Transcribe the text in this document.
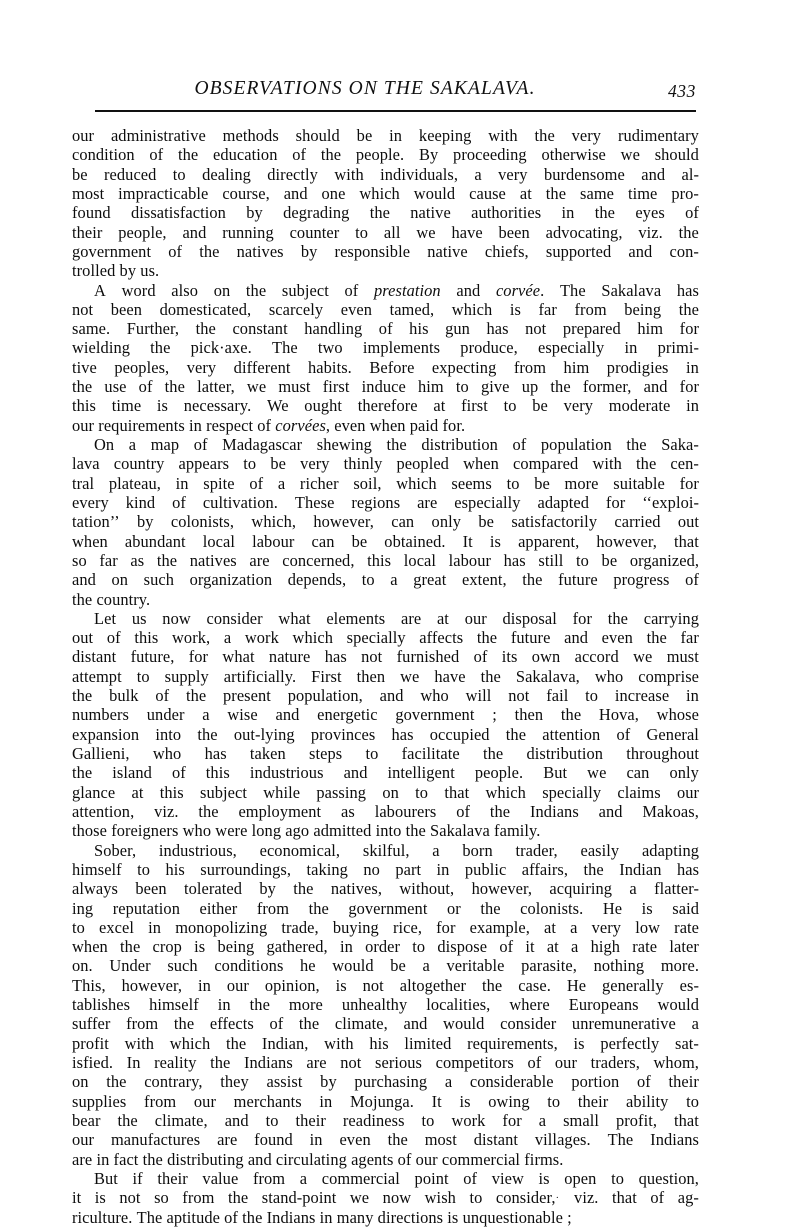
OBSERVATIONS ON THE SAKALAVA.	433

our administrative methods should be in keeping with the very rudimentary
condition of the education of the people. By proceeding otherwise we should
be reduced to dealing directly with individuals, a very burdensome and al-
most impracticable course, and one which would cause at the same time pro-
found dissatisfaction by degrading the native authorities in the eyes of
their people, and running counter to all we have been advocating, viz. the
government of the natives by responsible native chiefs, supported and con-
trolled by us.

A word also on the subject of prestation and corvée. The Sakalava has
not been domesticated, scarcely even tamed, which is far from being the
same. Further, the constant handling of his gun has not prepared him for
wielding the pick·axe. The two implements produce, especially in primi-
tive peoples, very different habits. Before expecting from him prodigies in
the use of the latter, we must first induce him to give up the former, and for
this time is necessary. We ought therefore at first to be very moderate in
our requirements in respect of corvées, even when paid for.

On a map of Madagascar shewing the distribution of population the Saka-
lava country appears to be very thinly peopled when compared with the cen-
tral plateau, in spite of a richer soil, which seems to be more suitable for
every kind of cultivation. These regions are especially adapted for ‘‘exploi-
tation’’ by colonists, which, however, can only be satisfactorily carried out
when abundant local labour can be obtained. It is apparent, however, that
so far as the natives are concerned, this local labour has still to be organized,
and on such organization depends, to a great extent, the future progress of
the country.

Let us now consider what elements are at our disposal for the carrying
out of this work, a work which specially affects the future and even the far
distant future, for what nature has not furnished of its own accord we must
attempt to supply artificially. First then we have the Sakalava, who comprise
the bulk of the present population, and who will not fail to increase in
numbers under a wise and energetic government ; then the Hova, whose
expansion into the out-lying provinces has occupied the attention of General
Gallieni, who has taken steps to facilitate the distribution throughout
the island of this industrious and intelligent people. But we can only
glance at this subject while passing on to that which specially claims our
attention, viz. the employment as labourers of the Indians and Makoas,
those foreigners who were long ago admitted into the Sakalava family.

Sober, industrious, economical, skilful, a born trader, easily adapting
himself to his surroundings, taking no part in public affairs, the Indian has
always been tolerated by the natives, without, however, acquiring a flatter-
ing reputation either from the government or the colonists. He is said
to excel in monopolizing trade, buying rice, for example, at a very low rate
when the crop is being gathered, in order to dispose of it at a high rate later
on. Under such conditions he would be a veritable parasite, nothing more.
This, however, in our opinion, is not altogether the case. He generally es-
tablishes himself in the more unhealthy localities, where Europeans would
suffer from the effects of the climate, and would consider unremunerative a
profit with which the Indian, with his limited requirements, is perfectly sat-
isfied. In reality the Indians are not serious competitors of our traders, whom,
on the contrary, they assist by purchasing a considerable portion of their
supplies from our merchants in Mojunga. It is owing to their ability to
bear the climate, and to their readiness to work for a small profit, that
our manufactures are found in even the most distant villages. The Indians
are in fact the distributing and circulating agents of our commercial firms.

But if their value from a commercial point of view is open to question,
it is not so from the stand-point we now wish to consider,· viz. that of ag-
riculture. The aptitude of the Indians in many directions is unquestionable ;
